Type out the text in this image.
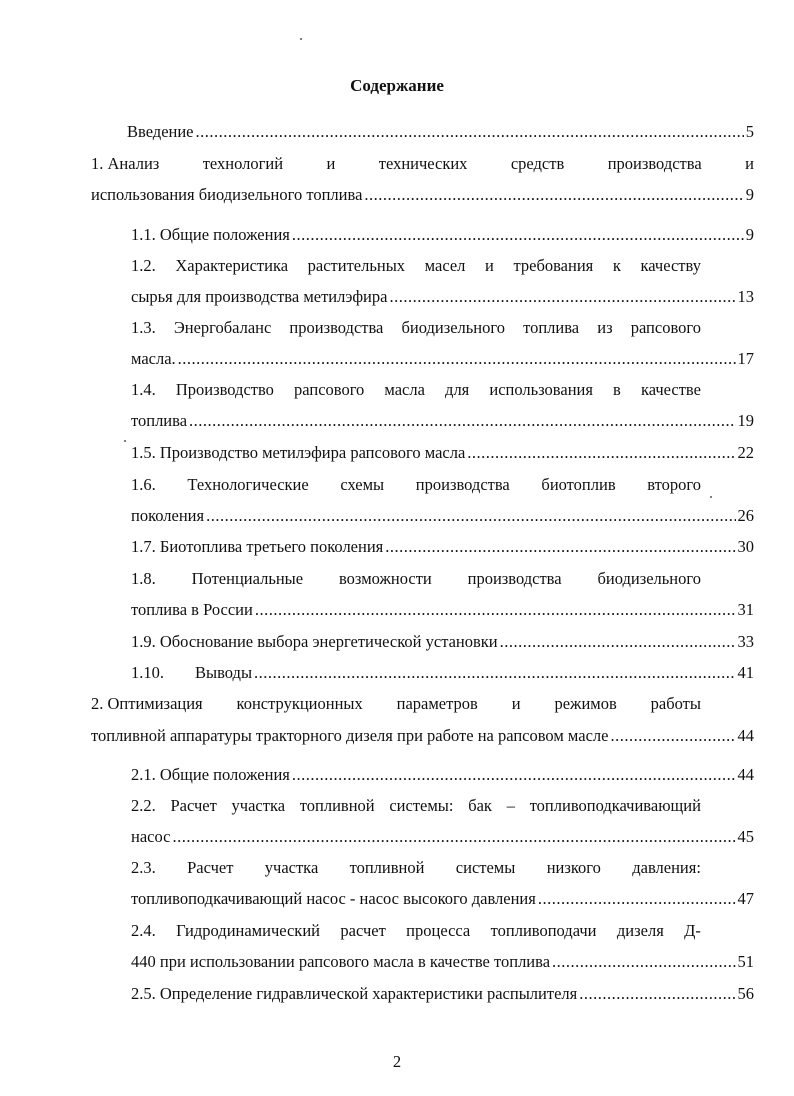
Содержание
Введение .....	5
1. Анализ	технологий	и	технических	средств	производства	и
использования биодизельного топлива .....	9
1.1. Общие положения .....	9
1.2. Характеристика растительных масел и требования к качеству
сырья для производства метилэфира .....	13
1.3. Энергобаланс производства биодизельного топлива из рапсового
масла. .....	17
1.4. Производство рапсового масла для использования в качестве
топлива .....	19
1.5. Производство метилэфира рапсового масла .....	22
1.6. Технологические схемы производства биотоплив второго
поколения .....	26
1.7. Биотоплива третьего поколения .....	30
1.8. Потенциальные возможности производства биодизельного
топлива в России .....	31
1.9. Обоснование выбора энергетической установки .....	33
1.10.	Выводы .....	41
2. Оптимизация конструкционных параметров и режимов работы
топливной аппаратуры тракторного дизеля при работе на рапсовом масле .....	44
2.1. Общие положения .....	44
2.2. Расчет участка топливной системы: бак – топливоподкачивающий
насос .....	45
2.3. Расчет участка топливной системы низкого давления:
топливоподкачивающий насос - насос высокого давления .....	47
2.4. Гидродинамический расчет процесса топливоподачи дизеля Д-
440 при использовании рапсового масла в качестве топлива .....	51
2.5. Определение гидравлической характеристики распылителя .....	56
2
